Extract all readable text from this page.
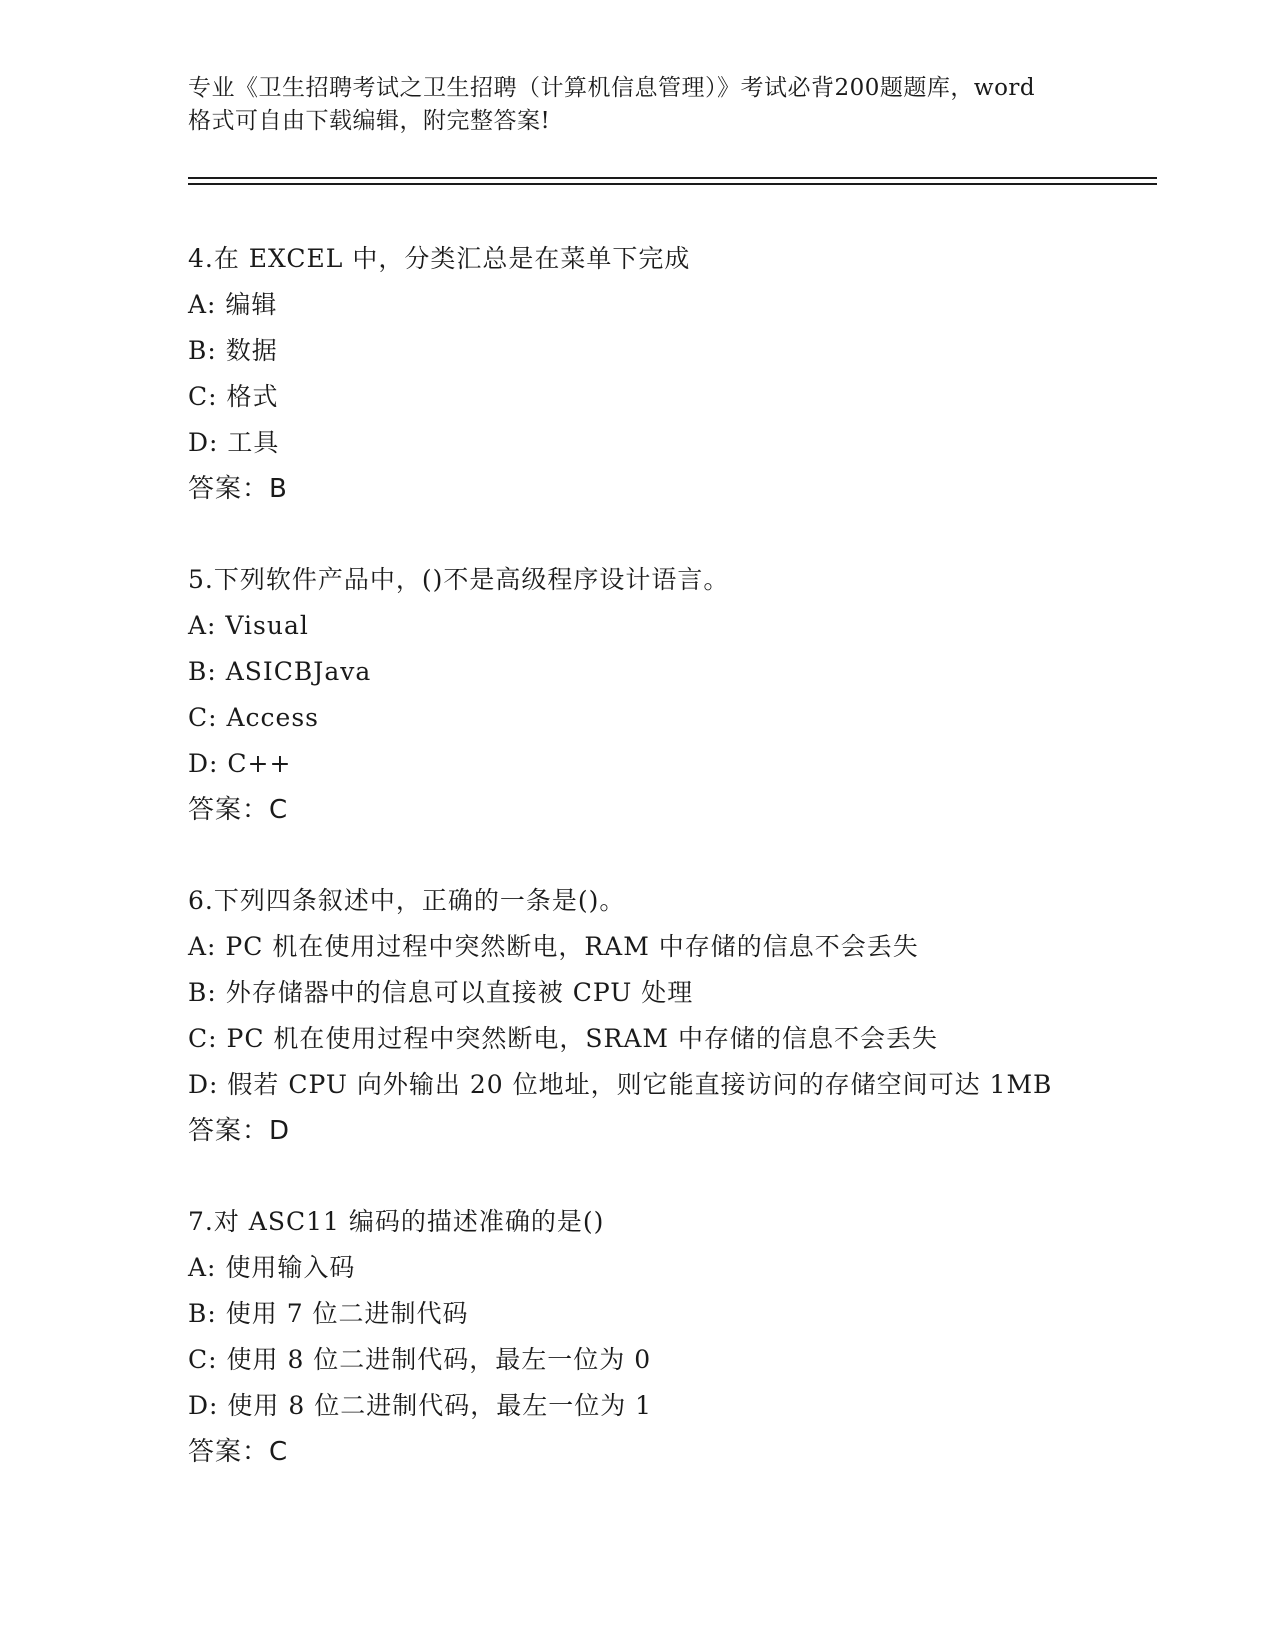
专业《卫生招聘考试之卫生招聘（计算机信息管理）》考试必背200题题库，word
格式可自由下载编辑，附完整答案!
4.在 EXCEL 中，分类汇总是在菜单下完成
A: 编辑
B: 数据
C: 格式
D: 工具
答案：B
5.下列软件产品中，()不是高级程序设计语言。
A: Visual
B: ASICBJava
C: Access
D: C++
答案：C
6.下列四条叙述中，正确的一条是()。
A: PC 机在使用过程中突然断电，RAM 中存储的信息不会丢失
B: 外存储器中的信息可以直接被 CPU 处理
C: PC 机在使用过程中突然断电，SRAM 中存储的信息不会丢失
D: 假若 CPU 向外输出 20 位地址，则它能直接访问的存储空间可达 1MB
答案：D
7.对 ASC11 编码的描述准确的是()
A: 使用输入码
B: 使用 7 位二进制代码
C: 使用 8 位二进制代码，最左一位为 0
D: 使用 8 位二进制代码，最左一位为 1
答案：C
